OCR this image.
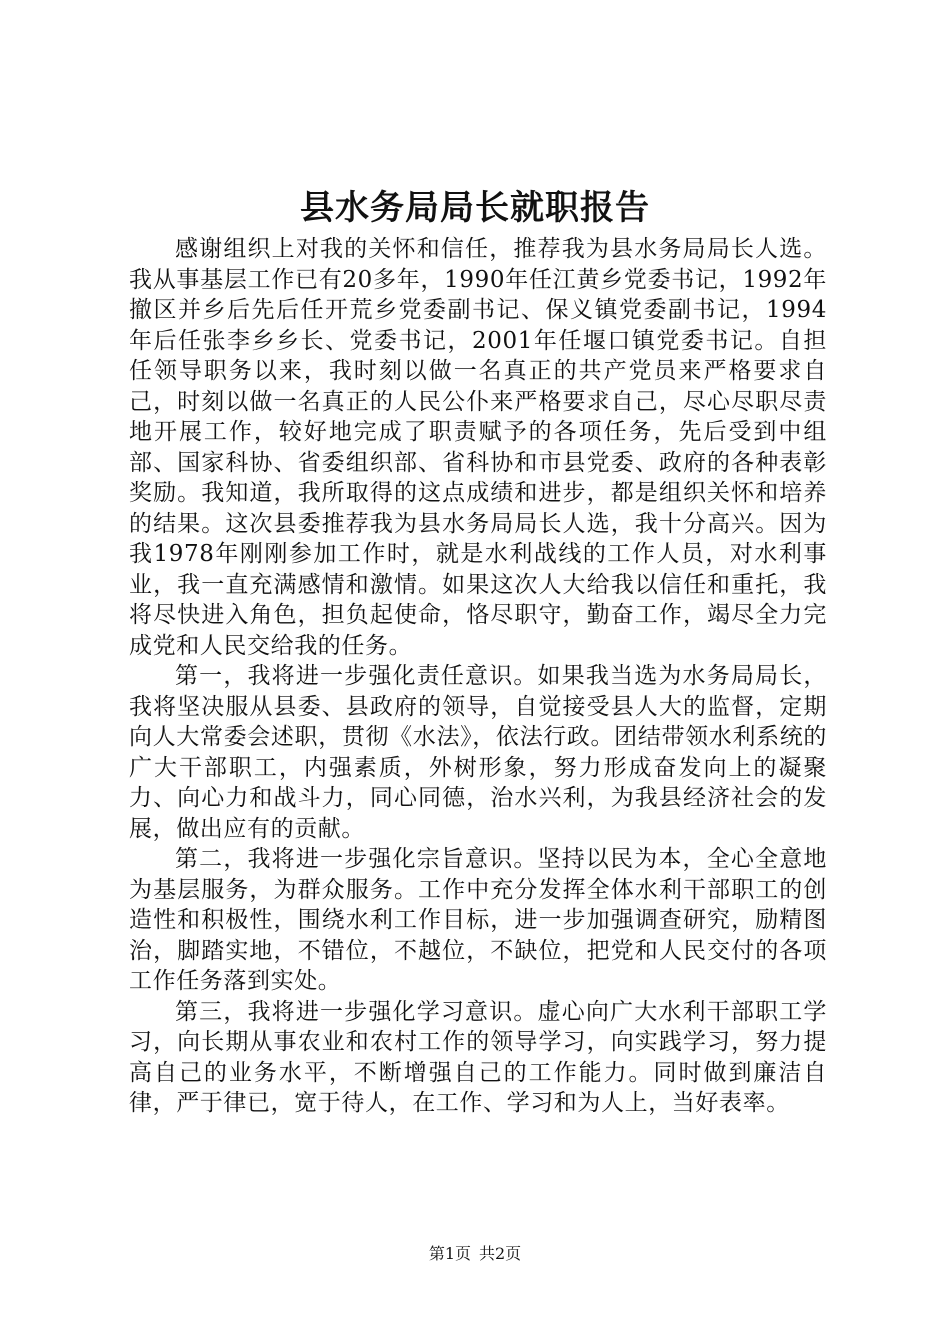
县水务局局长就职报告

感谢组织上对我的关怀和信任，推荐我为县水务局局长人选。我从事基层工作已有20多年，1990年任江黄乡党委书记，1992年撤区并乡后先后任开荒乡党委副书记、保义镇党委副书记，1994年后任张李乡乡长、党委书记，2001年任堰口镇党委书记。自担任领导职务以来，我时刻以做一名真正的共产党员来严格要求自己，时刻以做一名真正的人民公仆来严格要求自己，尽心尽职尽责地开展工作，较好地完成了职责赋予的各项任务，先后受到中组部、国家科协、省委组织部、省科协和市县党委、政府的各种表彰奖励。我知道，我所取得的这点成绩和进步，都是组织关怀和培养的结果。这次县委推荐我为县水务局局长人选，我十分高兴。因为我1978年刚刚参加工作时，就是水利战线的工作人员，对水利事业，我一直充满感情和激情。如果这次人大给我以信任和重托，我将尽快进入角色，担负起使命，恪尽职守，勤奋工作，竭尽全力完成党和人民交给我的任务。

第一，我将进一步强化责任意识。如果我当选为水务局局长，我将坚决服从县委、县政府的领导，自觉接受县人大的监督，定期向人大常委会述职，贯彻《水法》，依法行政。团结带领水利系统的广大干部职工，内强素质，外树形象，努力形成奋发向上的凝聚力、向心力和战斗力，同心同德，治水兴利，为我县经济社会的发展，做出应有的贡献。

第二，我将进一步强化宗旨意识。坚持以民为本，全心全意地为基层服务，为群众服务。工作中充分发挥全体水利干部职工的创造性和积极性，围绕水利工作目标，进一步加强调查研究，励精图治，脚踏实地，不错位，不越位，不缺位，把党和人民交付的各项工作任务落到实处。

第三，我将进一步强化学习意识。虚心向广大水利干部职工学习，向长期从事农业和农村工作的领导学习，向实践学习，努力提高自己的业务水平，不断增强自己的工作能力。同时做到廉洁自律，严于律已，宽于待人，在工作、学习和为人上，当好表率。

第1页 共2页
